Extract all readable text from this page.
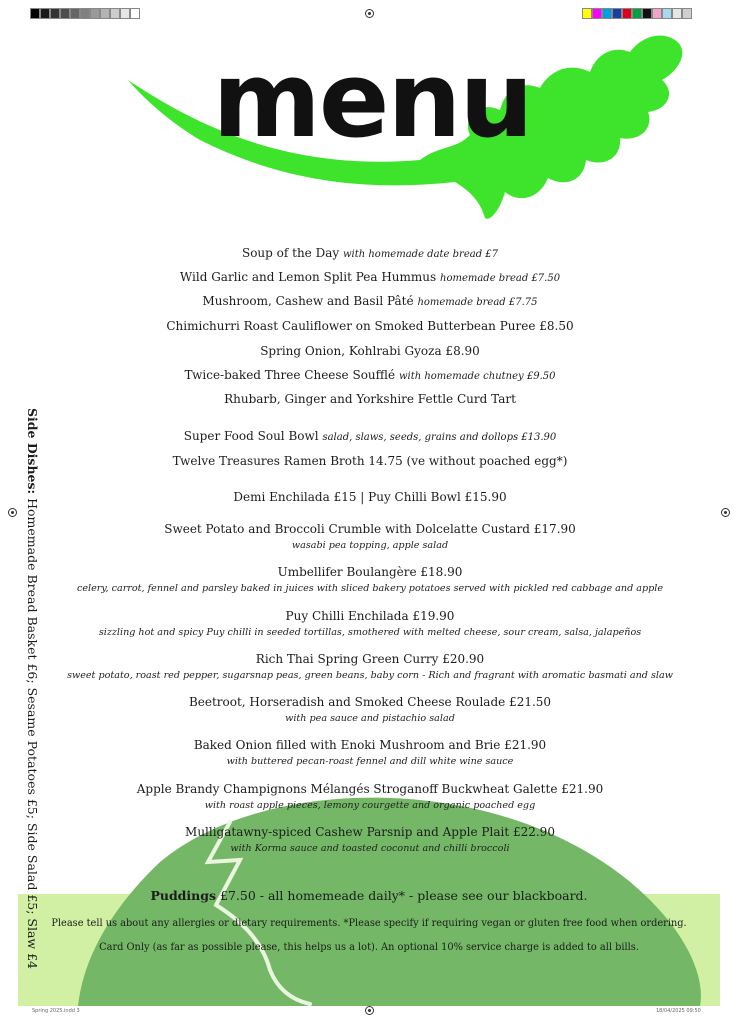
menu
Soup of the Day with homemade date bread £7
Wild Garlic and Lemon Split Pea Hummus homemade bread £7.50
Mushroom, Cashew and Basil Pâté homemade bread £7.75
Chimichurri Roast Cauliflower on Smoked Butterbean Puree £8.50
Spring Onion, Kohlrabi Gyoza £8.90
Twice-baked Three Cheese Soufflé with homemade chutney £9.50
Rhubarb, Ginger and Yorkshire Fettle Curd Tart
Super Food Soul Bowl salad, slaws, seeds, grains and dollops £13.90
Twelve Treasures Ramen Broth 14.75 (ve without poached egg*)
Demi Enchilada £15 | Puy Chilli Bowl £15.90
Sweet Potato and Broccoli Crumble with Dolcelatte Custard £17.90
wasabi pea topping, apple salad
Umbellifer Boulangère £18.90
celery, carrot, fennel and parsley baked in juices with sliced bakery potatoes served with pickled red cabbage and apple
Puy Chilli Enchilada £19.90
sizzling hot and spicy Puy chilli in seeded tortillas, smothered with melted cheese, sour cream, salsa, jalapeños
Rich Thai Spring Green Curry £20.90
sweet potato, roast red pepper, sugarsnap peas, green beans, baby corn - Rich and fragrant with aromatic basmati and slaw
Beetroot, Horseradish and Smoked Cheese Roulade £21.50
with pea sauce and pistachio salad
Baked Onion filled with Enoki Mushroom and Brie £21.90
with buttered pecan-roast fennel and dill white wine sauce
Apple Brandy Champignons Mélangés Stroganoff Buckwheat Galette £21.90
with roast apple pieces, lemony courgette and organic poached egg
Mulligatawny-spiced Cashew Parsnip and Apple Plait £22.90
with Korma sauce and toasted coconut and chilli broccoli
Side Dishes: Homemade Bread Basket £6; Sesame Potatoes £5; Side Salad £5; Slaw £4	Puddings £7.50 - all homemeade daily* - please see our blackboard.
Please tell us about any allergies or dietary requirements. *Please specify if requiring vegan or gluten free food when ordering.
Card Only (as far as possible please, this helps us a lot). An optional 10% service charge is added to all bills.
Spring 2025.indd 3	18/04/2025 09:50
